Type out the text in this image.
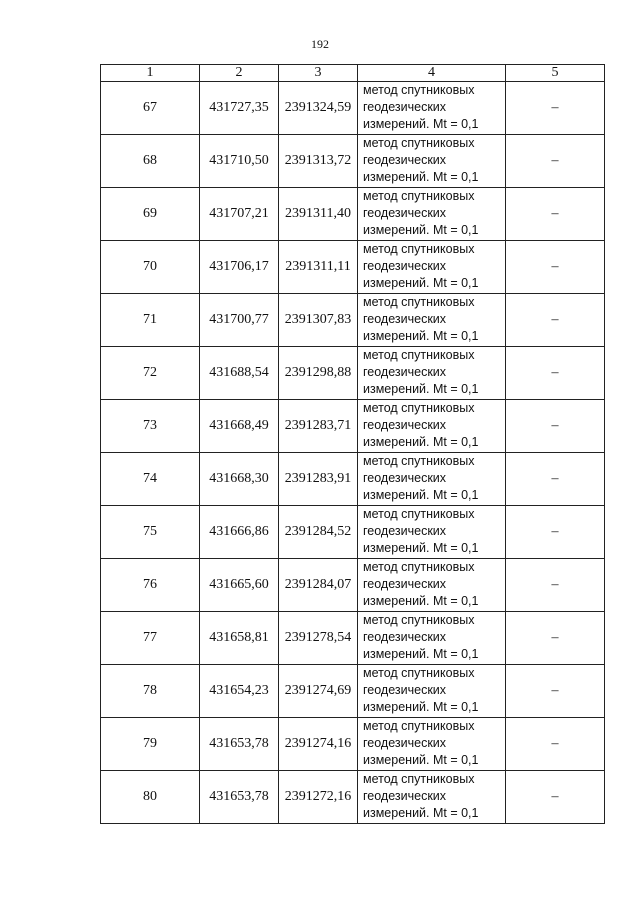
192
1	2	3	4	5
67	431727,35	2391324,59	метод спутниковых
геодезических
измерений. Mt = 0,1	–
68	431710,50	2391313,72	метод спутниковых
геодезических
измерений. Mt = 0,1	–
69	431707,21	2391311,40	метод спутниковых
геодезических
измерений. Mt = 0,1	–
70	431706,17	2391311,11	метод спутниковых
геодезических
измерений. Mt = 0,1	–
71	431700,77	2391307,83	метод спутниковых
геодезических
измерений. Mt = 0,1	–
72	431688,54	2391298,88	метод спутниковых
геодезических
измерений. Mt = 0,1	–
73	431668,49	2391283,71	метод спутниковых
геодезических
измерений. Mt = 0,1	–
74	431668,30	2391283,91	метод спутниковых
геодезических
измерений. Mt = 0,1	–
75	431666,86	2391284,52	метод спутниковых
геодезических
измерений. Mt = 0,1	–
76	431665,60	2391284,07	метод спутниковых
геодезических
измерений. Mt = 0,1	–
77	431658,81	2391278,54	метод спутниковых
геодезических
измерений. Mt = 0,1	–
78	431654,23	2391274,69	метод спутниковых
геодезических
измерений. Mt = 0,1	–
79	431653,78	2391274,16	метод спутниковых
геодезических
измерений. Mt = 0,1	–
80	431653,78	2391272,16	метод спутниковых
геодезических
измерений. Mt = 0,1	–
